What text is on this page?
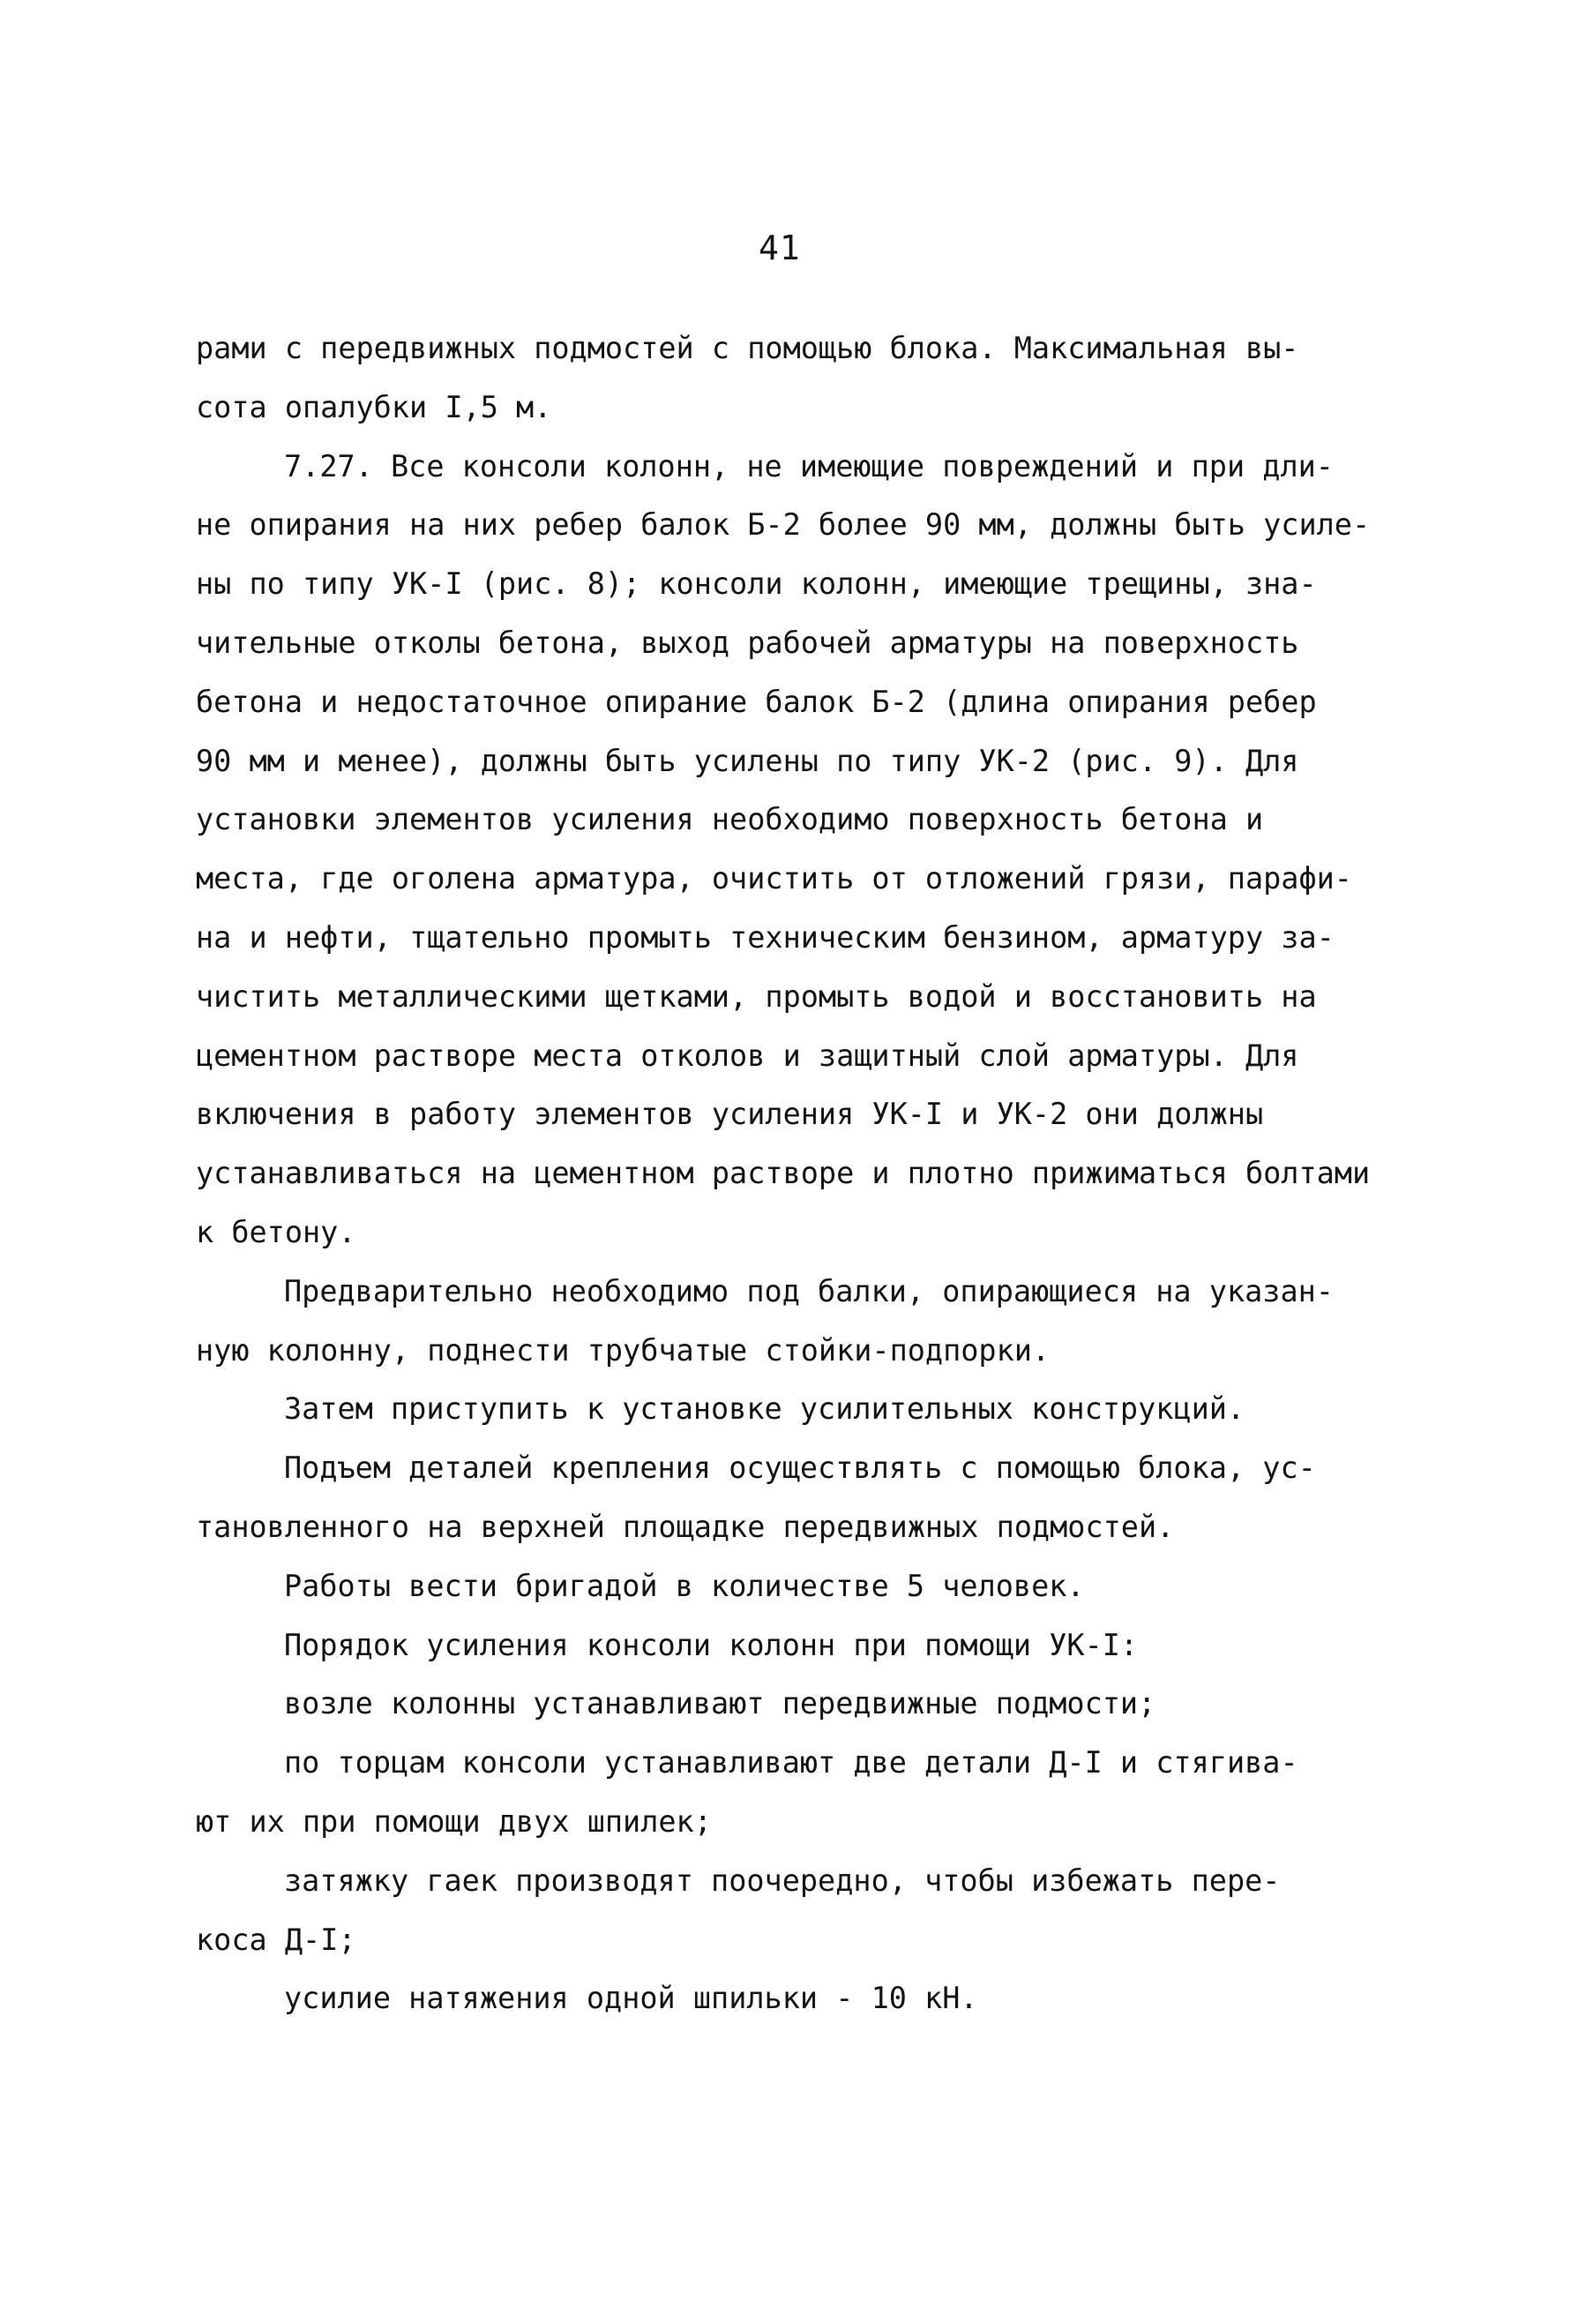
41
рами с передвижных подмостей с помощью блока. Максимальная вы-
сота опалубки I,5 м.
7.27. Все консоли колонн, не имеющие повреждений и при дли-
не опирания на них ребер балок Б-2 более 90 мм, должны быть усиле-
ны по типу УК-I (рис. 8); консоли колонн, имеющие трещины, зна-
чительные отколы бетона, выход рабочей арматуры на поверхность
бетона и недостаточное опирание балок Б-2 (длина опирания ребер
90 мм и менее), должны быть усилены по типу УК-2 (рис. 9). Для
установки элементов усиления необходимо поверхность бетона и
места, где оголена арматура, очистить от отложений грязи, парафи-
на и нефти, тщательно промыть техническим бензином, арматуру за-
чистить металлическими щетками, промыть водой и восстановить на
цементном растворе места отколов и защитный слой арматуры. Для
включения в работу элементов усиления УК-I и УК-2 они должны
устанавливаться на цементном растворе и плотно прижиматься болтами
к бетону.
Предварительно необходимо под балки, опирающиеся на указан-
ную колонну, поднести трубчатые стойки-подпорки.
Затем приступить к установке усилительных конструкций.
Подъем деталей крепления осуществлять с помощью блока, ус-
тановленного на верхней площадке передвижных подмостей.
Работы вести бригадой в количестве 5 человек.
Порядок усиления консоли колонн при помощи УК-I:
возле колонны устанавливают передвижные подмости;
по торцам консоли устанавливают две детали Д-I и стягива-
ют их при помощи двух шпилек;
затяжку гаек производят поочередно, чтобы избежать пере-
коса Д-I;
усилие натяжения одной шпильки - 10 кН.
